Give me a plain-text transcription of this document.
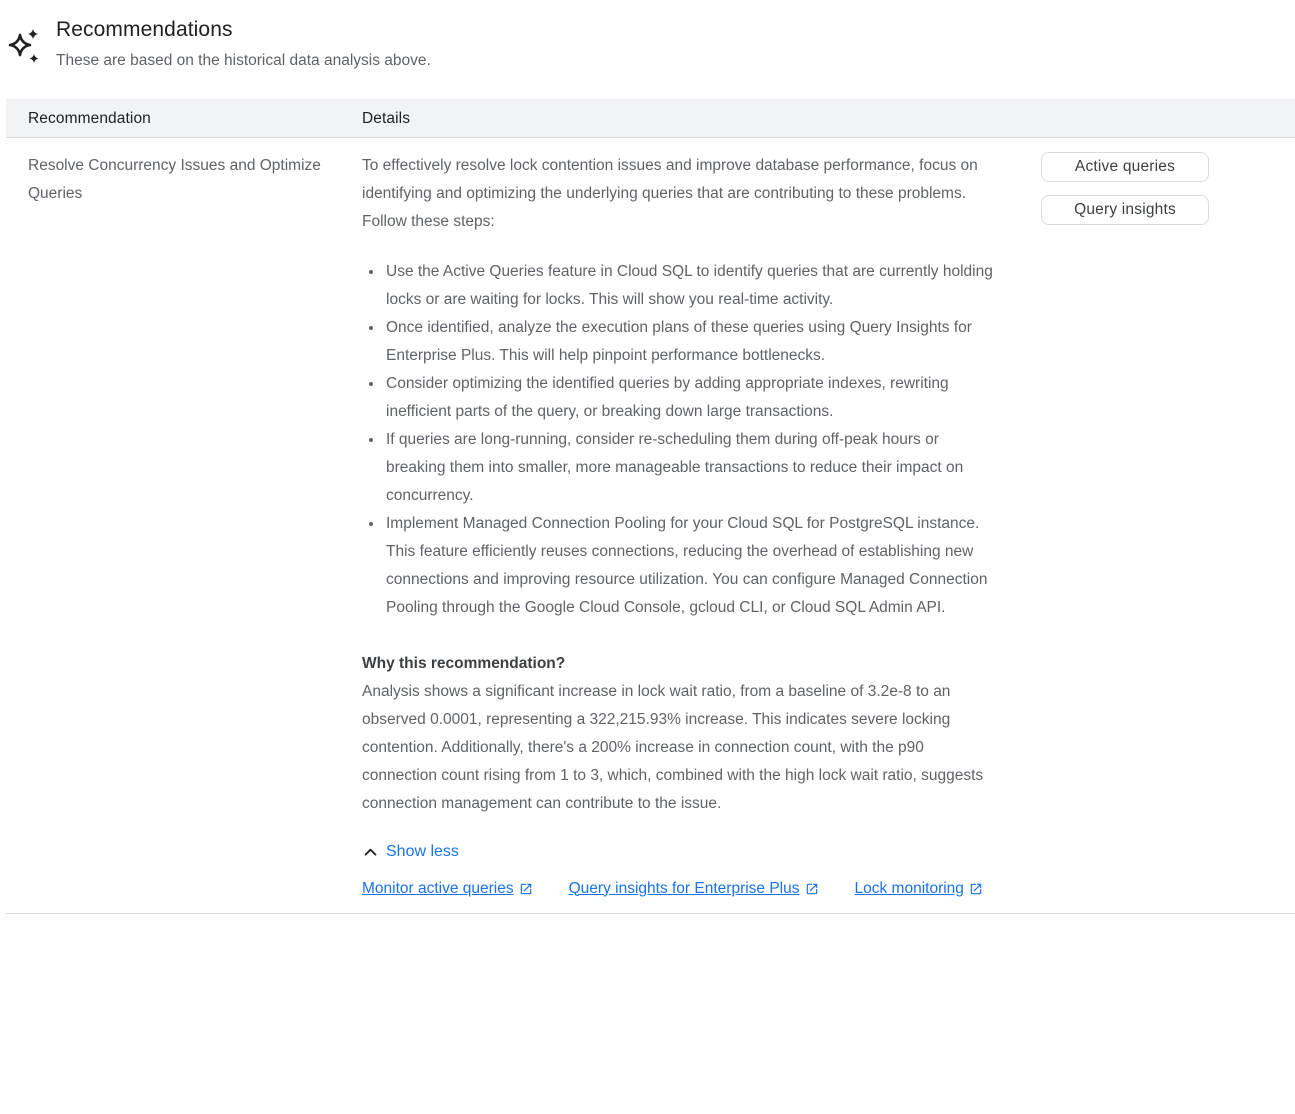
Recommendations
These are based on the historical data analysis above.
Recommendation	Details
Resolve Concurrency Issues and Optimize Queries

To effectively resolve lock contention issues and improve database performance, focus on identifying and optimizing the underlying queries that are contributing to these problems. Follow these steps:

• Use the Active Queries feature in Cloud SQL to identify queries that are currently holding locks or are waiting for locks. This will show you real-time activity.
• Once identified, analyze the execution plans of these queries using Query Insights for Enterprise Plus. This will help pinpoint performance bottlenecks.
• Consider optimizing the identified queries by adding appropriate indexes, rewriting inefficient parts of the query, or breaking down large transactions.
• If queries are long-running, consider re-scheduling them during off-peak hours or breaking them into smaller, more manageable transactions to reduce their impact on concurrency.
• Implement Managed Connection Pooling for your Cloud SQL for PostgreSQL instance. This feature efficiently reuses connections, reducing the overhead of establishing new connections and improving resource utilization. You can configure Managed Connection Pooling through the Google Cloud Console, gcloud CLI, or Cloud SQL Admin API.
Why this recommendation?
Analysis shows a significant increase in lock wait ratio, from a baseline of 3.2e-8 to an observed 0.0001, representing a 322,215.93% increase. This indicates severe locking contention. Additionally, there's a 200% increase in connection count, with the p90 connection count rising from 1 to 3, which, combined with the high lock wait ratio, suggests connection management can contribute to the issue.
Show less
Monitor active queries	Query insights for Enterprise Plus	Lock monitoring
Active queries
Query insights
